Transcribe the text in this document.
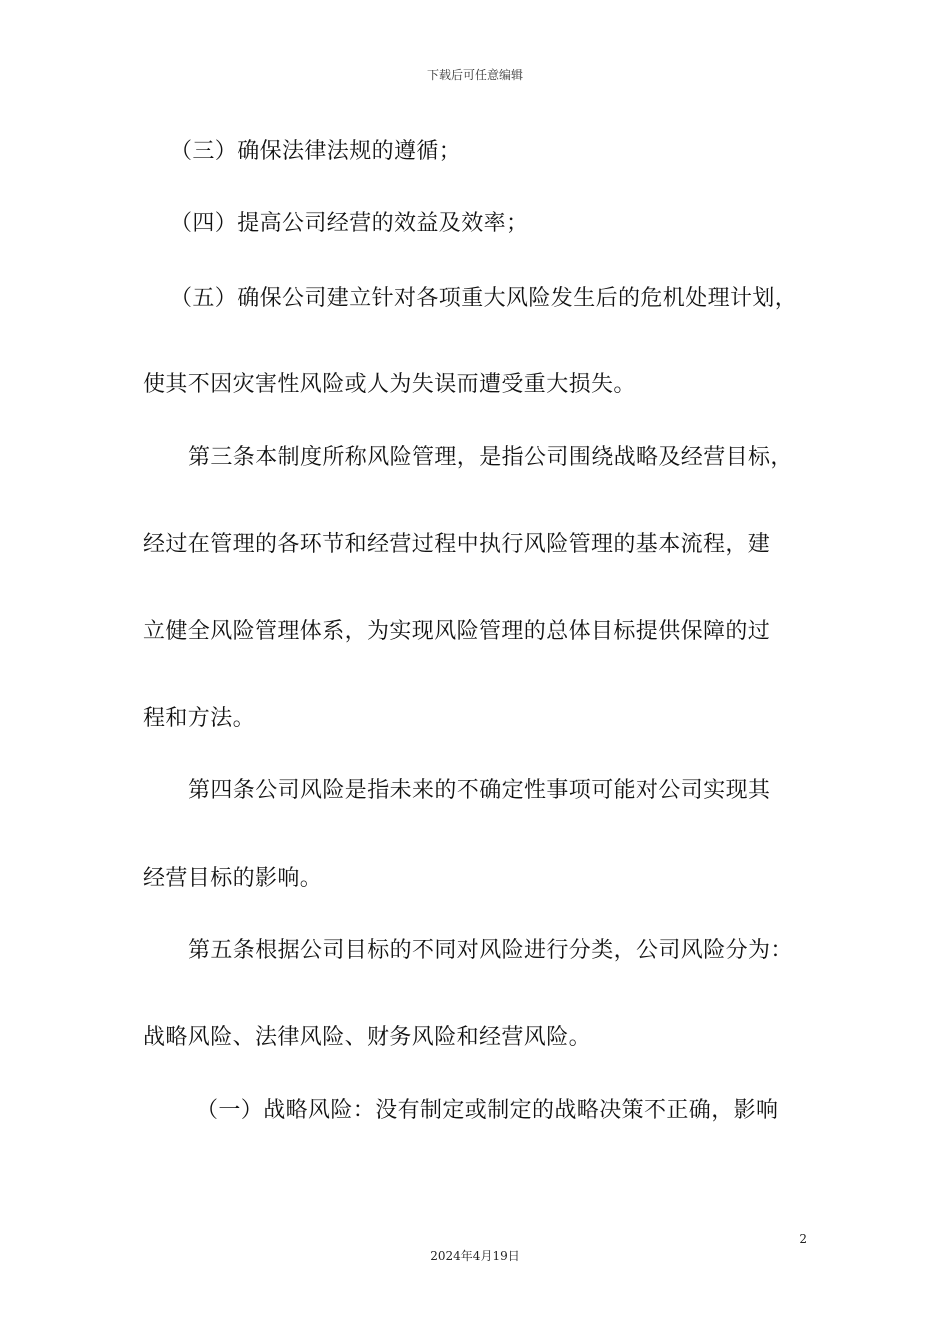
下载后可任意编辑
（三）确保法律法规的遵循；
（四）提高公司经营的效益及效率；
（五）确保公司建立针对各项重大风险发生后的危机处理计划，
使其不因灾害性风险或人为失误而遭受重大损失。
第三条本制度所称风险管理，是指公司围绕战略及经营目标，
经过在管理的各环节和经营过程中执行风险管理的基本流程，建
立健全风险管理体系，为实现风险管理的总体目标提供保障的过
程和方法。
第四条公司风险是指未来的不确定性事项可能对公司实现其
经营目标的影响。
第五条根据公司目标的不同对风险进行分类，公司风险分为：
战略风险、法律风险、财务风险和经营风险。
（一）战略风险：没有制定或制定的战略决策不正确，影响
2
2024年4月19日
